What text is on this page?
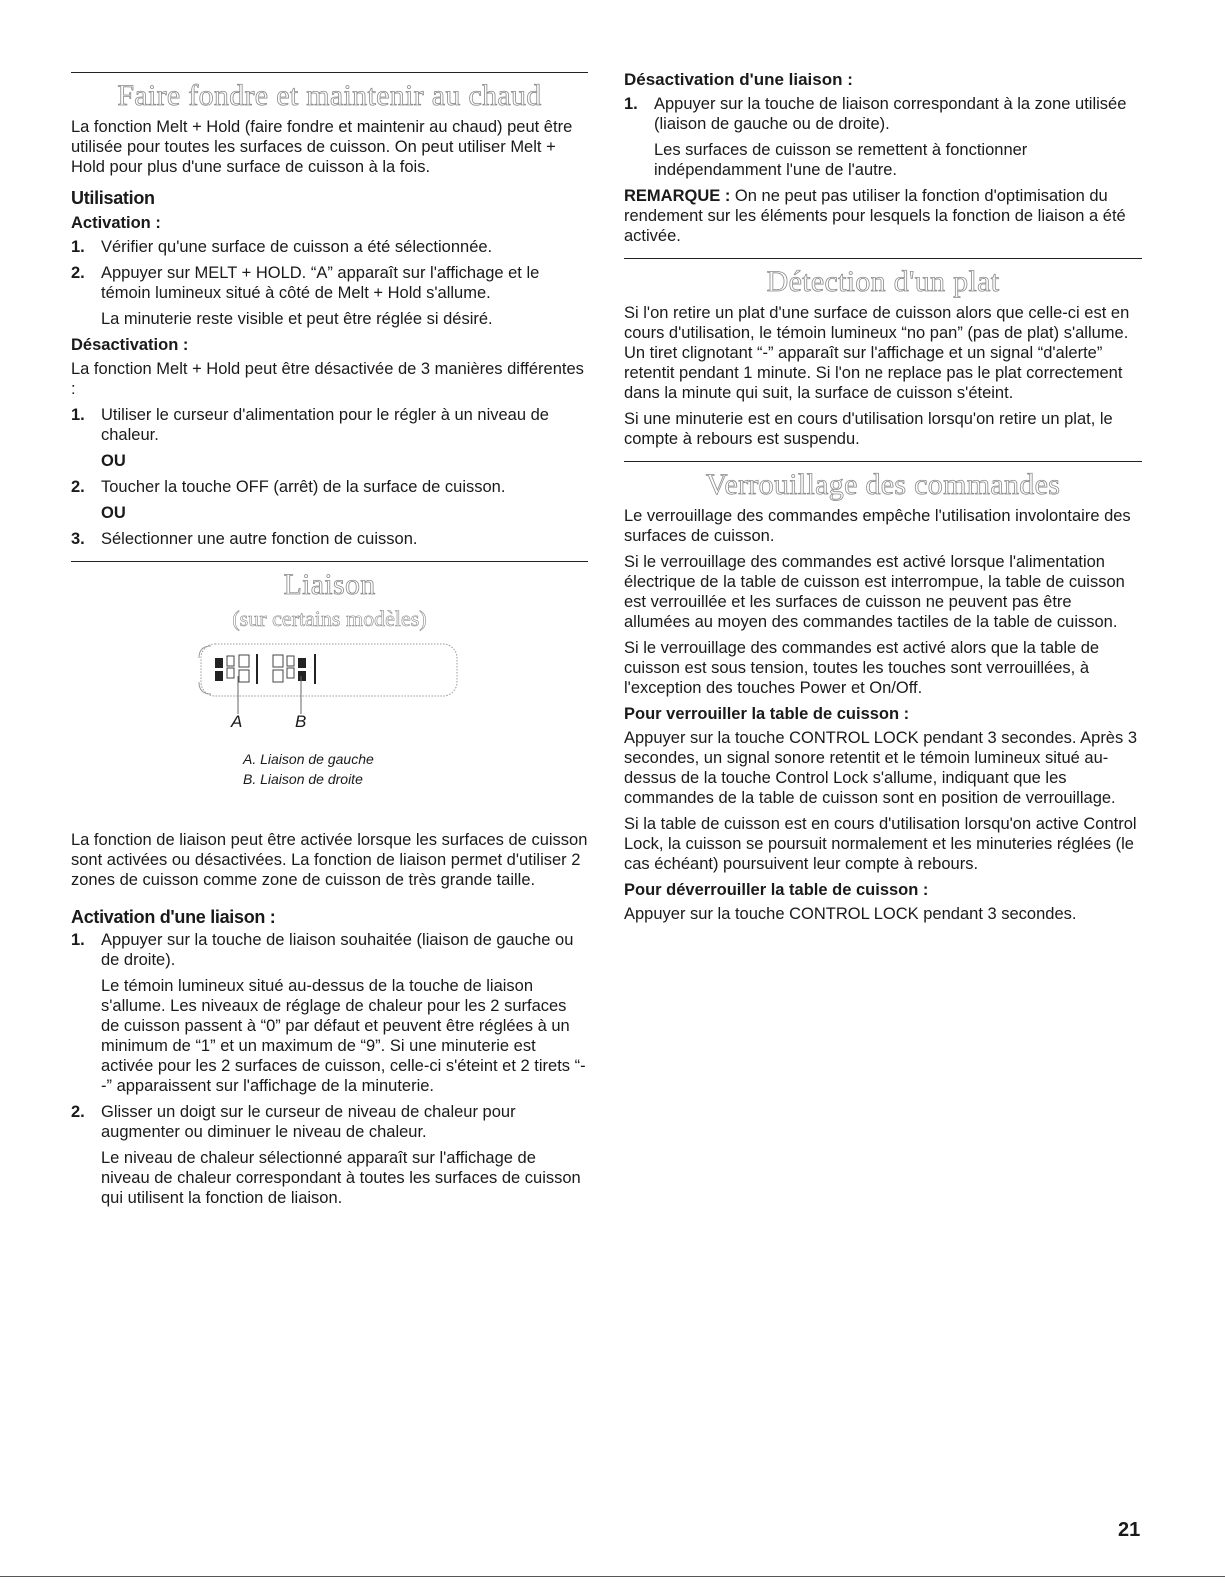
Faire fondre et maintenir au chaud

La fonction Melt + Hold (faire fondre et maintenir au chaud) peut être utilisée pour toutes les surfaces de cuisson. On peut utiliser Melt + Hold pour plus d'une surface de cuisson à la fois.

Utilisation
Activation :
1. Vérifier qu'une surface de cuisson a été sélectionnée.
2. Appuyer sur MELT + HOLD. “A” apparaît sur l'affichage et le témoin lumineux situé à côté de Melt + Hold s'allume.
La minuterie reste visible et peut être réglée si désiré.
Désactivation :

La fonction Melt + Hold peut être désactivée de 3 manières différentes :

1. Utiliser le curseur d'alimentation pour le régler à un niveau de chaleur.
OU
2. Toucher la touche OFF (arrêt) de la surface de cuisson.
OU
3. Sélectionner une autre fonction de cuisson.
Liaison
(sur certains modèles)
A	B
A. Liaison de gauche
B. Liaison de droite

La fonction de liaison peut être activée lorsque les surfaces de cuisson sont activées ou désactivées. La fonction de liaison permet d'utiliser 2 zones de cuisson comme zone de cuisson de très grande taille.

Activation d'une liaison :
1. Appuyer sur la touche de liaison souhaitée (liaison de gauche ou de droite).
Le témoin lumineux situé au-dessus de la touche de liaison s'allume. Les niveaux de réglage de chaleur pour les 2 surfaces de cuisson passent à “0” par défaut et peuvent être réglées à un minimum de “1” et un maximum de “9”. Si une minuterie est activée pour les 2 surfaces de cuisson, celle-ci s'éteint et 2 tirets “--” apparaissent sur l'affichage de la minuterie.
2. Glisser un doigt sur le curseur de niveau de chaleur pour augmenter ou diminuer le niveau de chaleur.
Le niveau de chaleur sélectionné apparaît sur l'affichage de niveau de chaleur correspondant à toutes les surfaces de cuisson qui utilisent la fonction de liaison.
Désactivation d'une liaison :
1. Appuyer sur la touche de liaison correspondant à la zone utilisée (liaison de gauche ou de droite).
Les surfaces de cuisson se remettent à fonctionner indépendamment l'une de l'autre.

REMARQUE : On ne peut pas utiliser la fonction d'optimisation du rendement sur les éléments pour lesquels la fonction de liaison a été activée.

Détection d'un plat

Si l'on retire un plat d'une surface de cuisson alors que celle-ci est en cours d'utilisation, le témoin lumineux “no pan” (pas de plat) s'allume. Un tiret clignotant “-” apparaît sur l'affichage et un signal “d'alerte” retentit pendant 1 minute. Si l'on ne replace pas le plat correctement dans la minute qui suit, la surface de cuisson s'éteint.

Si une minuterie est en cours d'utilisation lorsqu'on retire un plat, le compte à rebours est suspendu.

Verrouillage des commandes

Le verrouillage des commandes empêche l'utilisation involontaire des surfaces de cuisson.

Si le verrouillage des commandes est activé lorsque l'alimentation électrique de la table de cuisson est interrompue, la table de cuisson est verrouillée et les surfaces de cuisson ne peuvent pas être allumées au moyen des commandes tactiles de la table de cuisson.

Si le verrouillage des commandes est activé alors que la table de cuisson est sous tension, toutes les touches sont verrouillées, à l'exception des touches Power et On/Off.

Pour verrouiller la table de cuisson :

Appuyer sur la touche CONTROL LOCK pendant 3 secondes. Après 3 secondes, un signal sonore retentit et le témoin lumineux situé au-dessus de la touche Control Lock s'allume, indiquant que les commandes de la table de cuisson sont en position de verrouillage.

Si la table de cuisson est en cours d'utilisation lorsqu'on active Control Lock, la cuisson se poursuit normalement et les minuteries réglées (le cas échéant) poursuivent leur compte à rebours.

Pour déverrouiller la table de cuisson :

Appuyer sur la touche CONTROL LOCK pendant 3 secondes.

21
